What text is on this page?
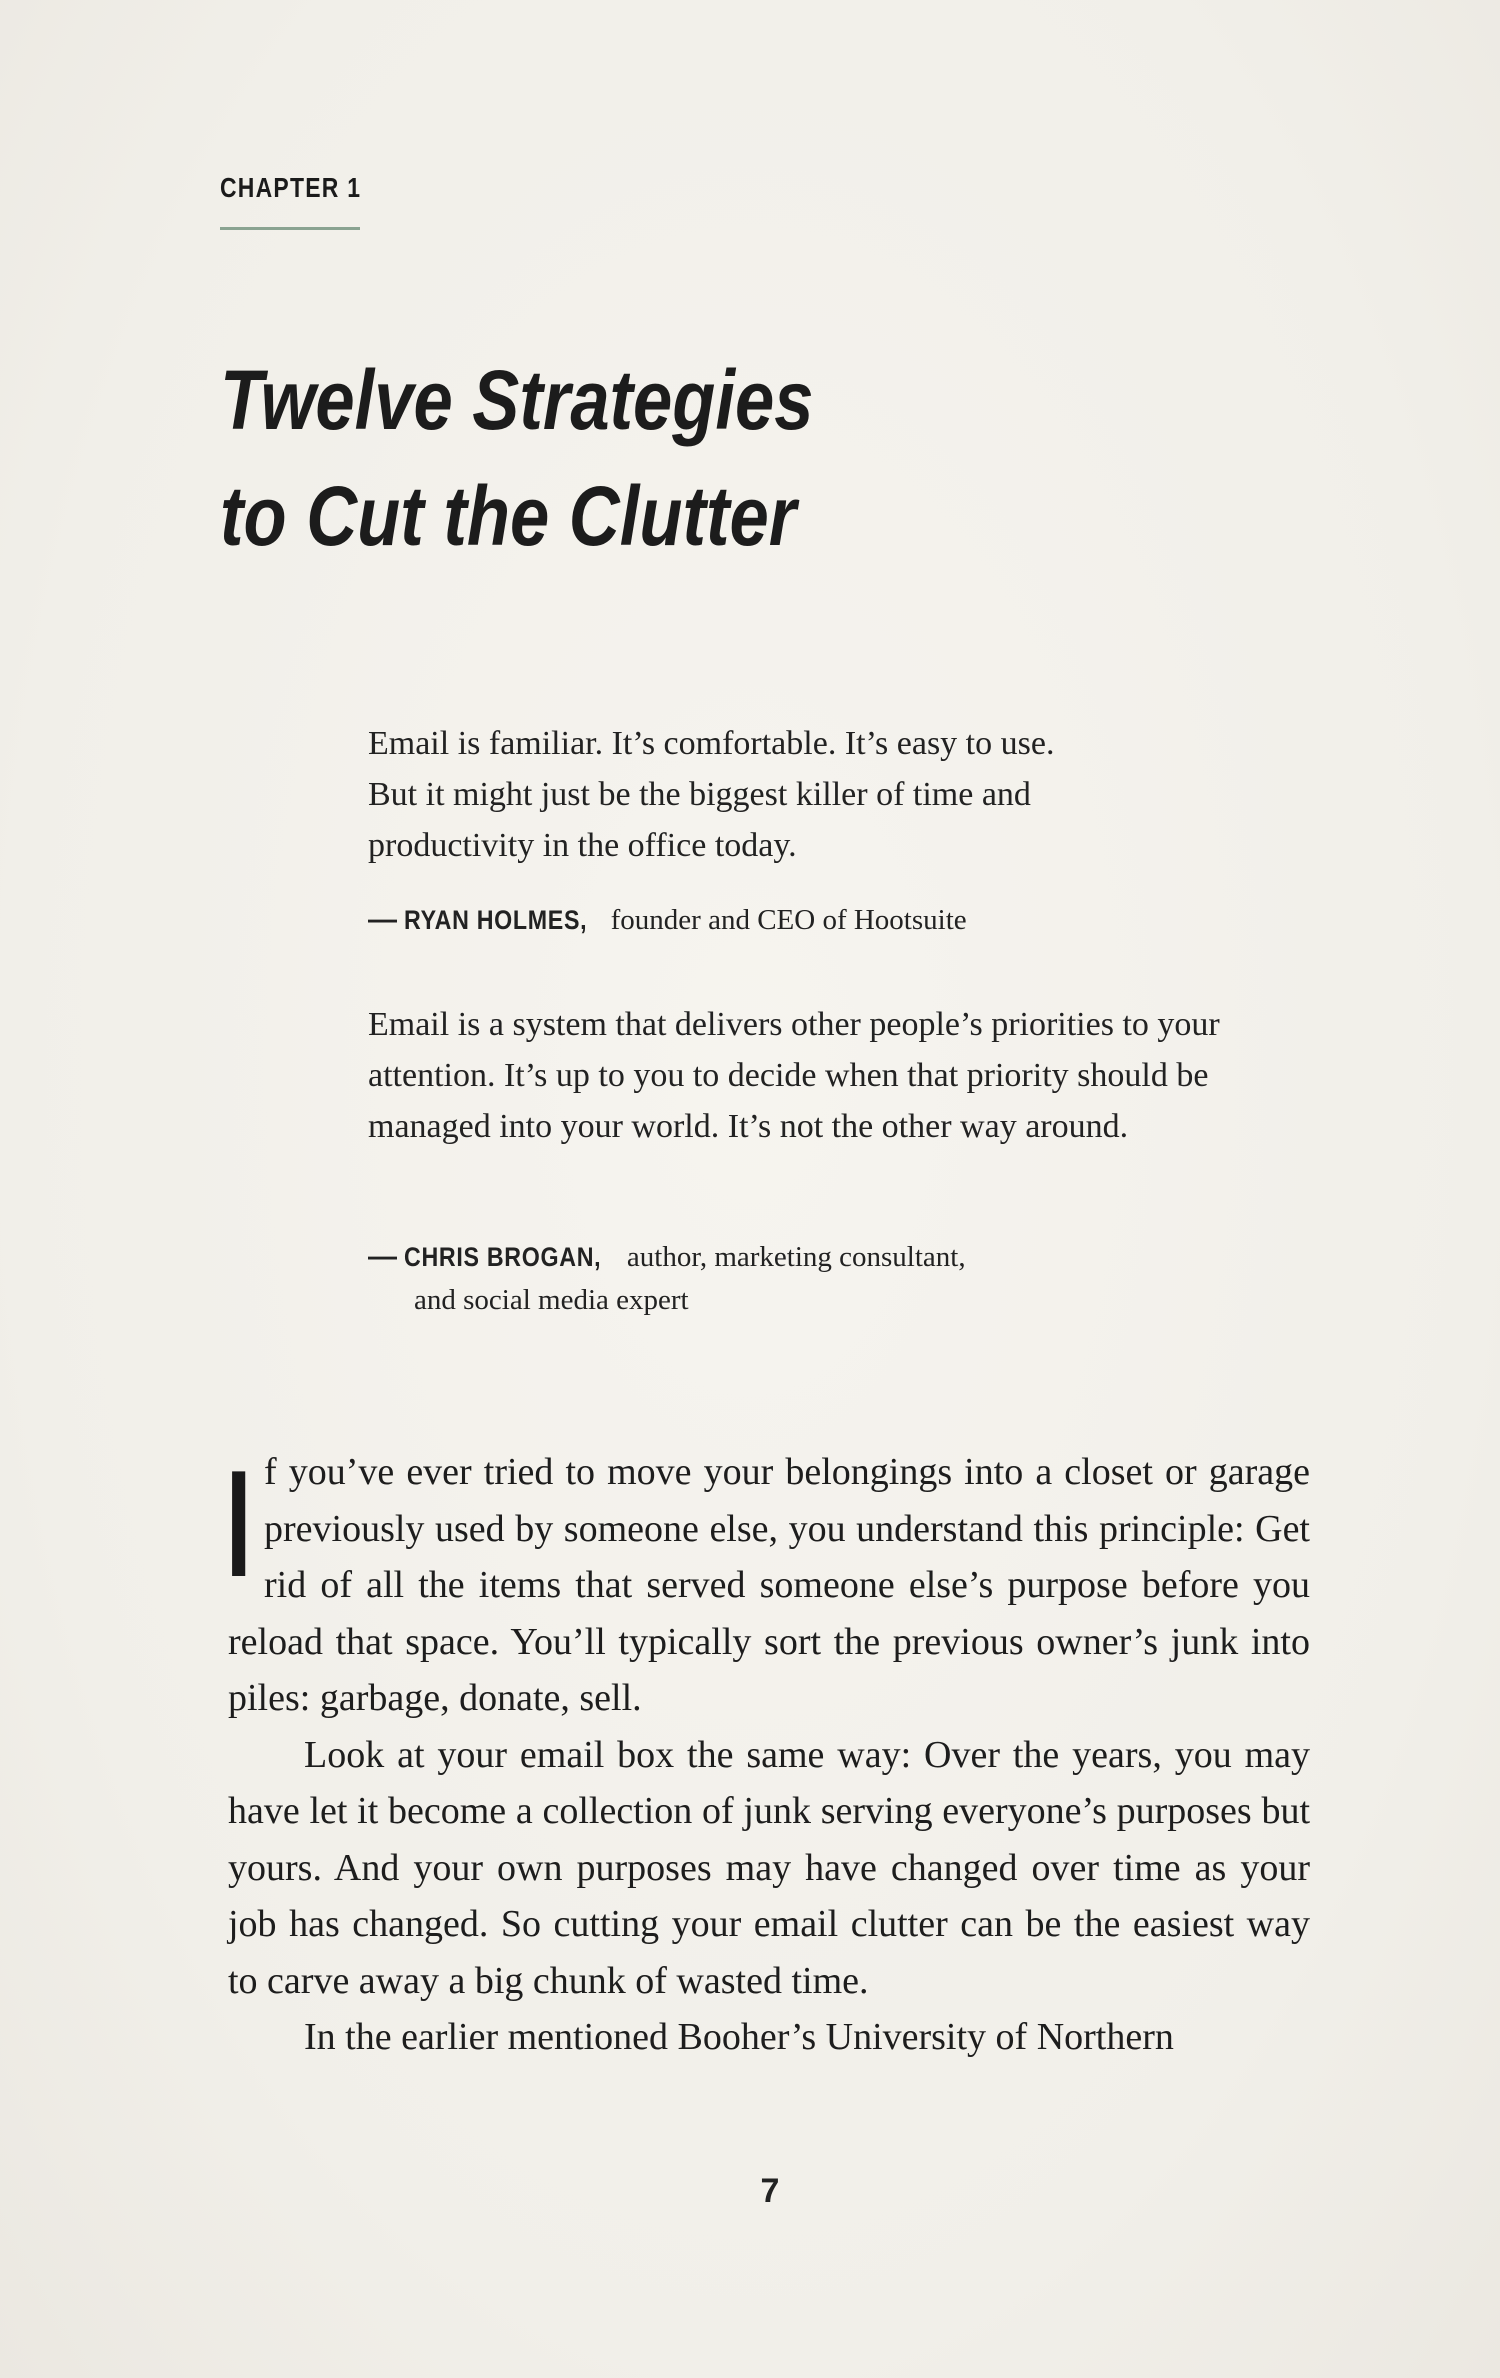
CHAPTER 1
Twelve Strategies
to Cut the Clutter

Email is familiar. It’s comfortable. It’s easy to use. But it might just be the biggest killer of time and productivity in the office today.

— RYAN HOLMES, founder and CEO of Hootsuite

Email is a system that delivers other people’s priorities to your attention. It’s up to you to decide when that priority should be managed into your world. It’s not the other way around.

— CHRIS BROGAN, author, marketing consultant,
and social media expert

If you’ve ever tried to move your belongings into a closet or garage previously used by someone else, you understand this principle: Get rid of all the items that served someone else’s purpose before you reload that space. You’ll typically sort the previous owner’s junk into piles: garbage, donate, sell.

Look at your email box the same way: Over the years, you may have let it become a collection of junk serving everyone’s purposes but yours. And your own purposes may have changed over time as your job has changed. So cutting your email clutter can be the easiest way to carve away a big chunk of wasted time.

In the earlier mentioned Booher’s University of Northern

7
